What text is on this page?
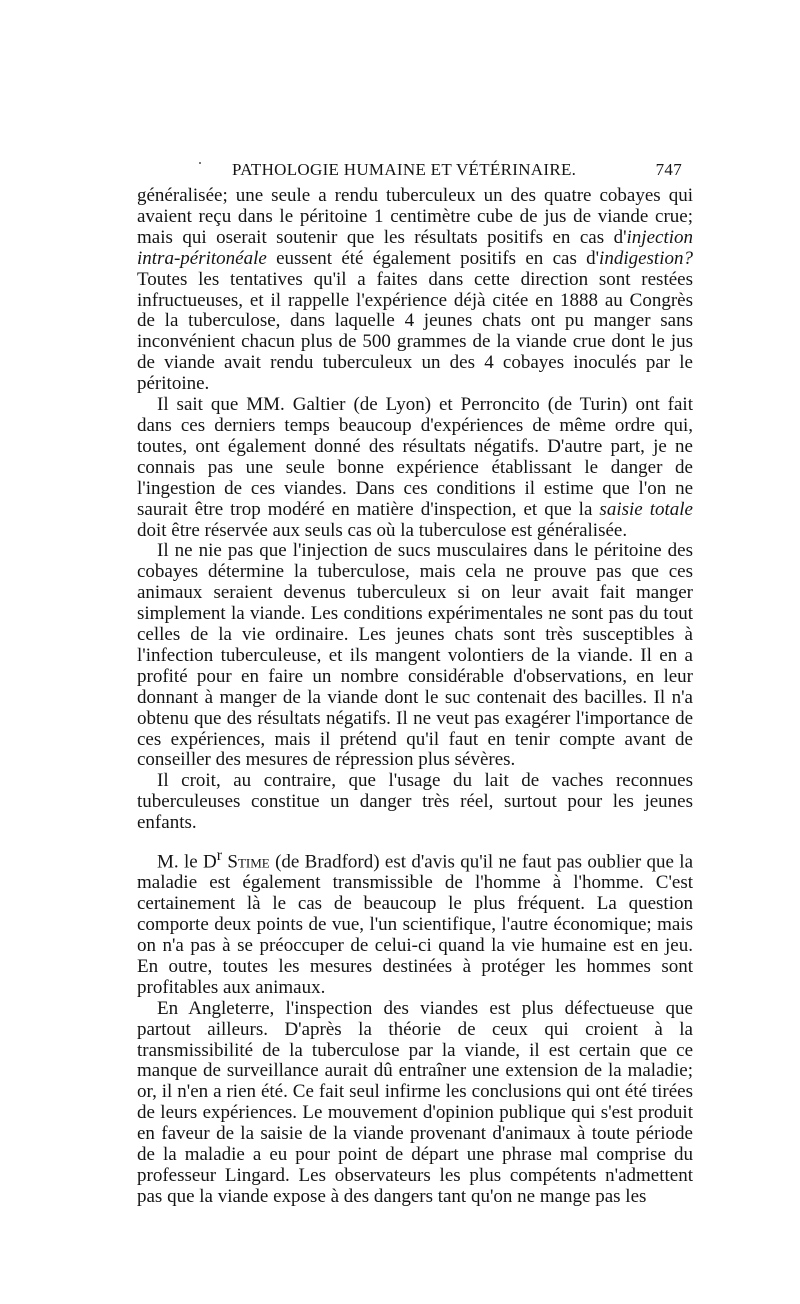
PATHOLOGIE HUMAINE ET VÉTÉRINAIRE.	747

généralisée; une seule a rendu tuberculeux un des quatre cobayes qui avaient reçu dans le péritoine 1 centimètre cube de jus de viande crue; mais qui oserait soutenir que les résultats positifs en cas d'injection intra-péritonéale eussent été également positifs en cas d'indigestion? Toutes les tentatives qu'il a faites dans cette direction sont restées infructueuses, et il rappelle l'expérience déjà citée en 1888 au Congrès de la tuberculose, dans laquelle 4 jeunes chats ont pu manger sans inconvénient chacun plus de 500 grammes de la viande crue dont le jus de viande avait rendu tuberculeux un des 4 cobayes inoculés par le péritoine.

Il sait que MM. Galtier (de Lyon) et Perroncito (de Turin) ont fait dans ces derniers temps beaucoup d'expériences de même ordre qui, toutes, ont également donné des résultats négatifs. D'autre part, je ne connais pas une seule bonne expérience établissant le danger de l'ingestion de ces viandes. Dans ces conditions il estime que l'on ne saurait être trop modéré en matière d'inspection, et que la saisie totale doit être réservée aux seuls cas où la tuberculose est généralisée.

Il ne nie pas que l'injection de sucs musculaires dans le péritoine des cobayes détermine la tuberculose, mais cela ne prouve pas que ces animaux seraient devenus tuberculeux si on leur avait fait manger simplement la viande. Les conditions expérimentales ne sont pas du tout celles de la vie ordinaire. Les jeunes chats sont très susceptibles à l'infection tuberculeuse, et ils mangent volontiers de la viande. Il en a profité pour en faire un nombre considérable d'observations, en leur donnant à manger de la viande dont le suc contenait des bacilles. Il n'a obtenu que des résultats négatifs. Il ne veut pas exagérer l'importance de ces expériences, mais il prétend qu'il faut en tenir compte avant de conseiller des mesures de répression plus sévères.

Il croit, au contraire, que l'usage du lait de vaches reconnues tuberculeuses constitue un danger très réel, surtout pour les jeunes enfants.

M. le $D^r$ Stime (de Bradford) est d'avis qu'il ne faut pas oublier que la maladie est également transmissible de l'homme à l'homme. C'est certainement là le cas de beaucoup le plus fréquent. La question comporte deux points de vue, l'un scientifique, l'autre économique; mais on n'a pas à se préoccuper de celui-ci quand la vie humaine est en jeu. En outre, toutes les mesures destinées à protéger les hommes sont profitables aux animaux.

En Angleterre, l'inspection des viandes est plus défectueuse que partout ailleurs. D'après la théorie de ceux qui croient à la transmissibilité de la tuberculose par la viande, il est certain que ce manque de surveillance aurait dû entraîner une extension de la maladie; or, il n'en a rien été. Ce fait seul infirme les conclusions qui ont été tirées de leurs expériences. Le mouvement d'opinion publique qui s'est produit en faveur de la saisie de la viande provenant d'animaux à toute période de la maladie a eu pour point de départ une phrase mal comprise du professeur Lingard. Les observateurs les plus compétents n'admettent pas que la viande expose à des dangers tant qu'on ne mange pas les
